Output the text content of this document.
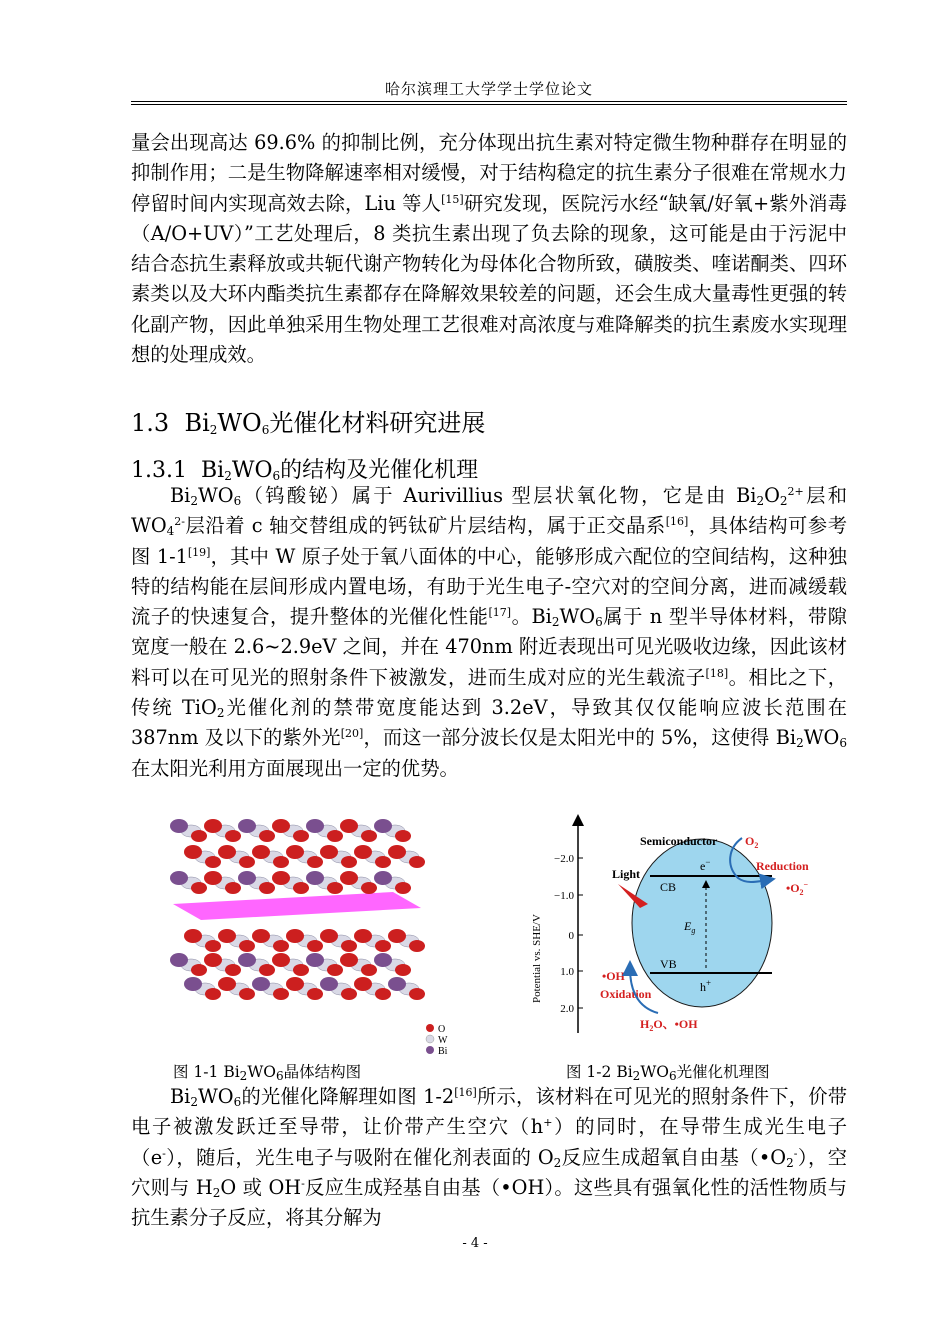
哈尔滨理工大学学士学位论文

量会出现高达 69.6% 的抑制比例，充分体现出抗生素对特定微生物种群存在明显的抑制作用；二是生物降解速率相对缓慢，对于结构稳定的抗生素分子很难在常规水力停留时间内实现高效去除，Liu 等人[15]研究发现，医院污水经“缺氧/好氧+紫外消毒（A/O+UV）”工艺处理后，8 类抗生素出现了负去除的现象，这可能是由于污泥中结合态抗生素释放或共轭代谢产物转化为母体化合物所致，磺胺类、喹诺酮类、四环素类以及大环内酯类抗生素都存在降解效果较差的问题，还会生成大量毒性更强的转化副产物，因此单独采用生物处理工艺很难对高浓度与难降解类的抗生素废水实现理想的处理成效。

1.3 $Bi_2WO_6$光催化材料研究进展
1.3.1 $Bi_2WO_6$的结构及光催化机理

$Bi_2WO_6$（钨酸铋）属于 Aurivillius 型层状氧化物，它是由 $Bi_2O_2^{2+}$层和 $WO_4^{2-}$层沿着 c 轴交替组成的钙钛矿片层结构，属于正交晶系[16]，具体结构可参考图 1-1[19]，其中 W 原子处于氧八面体的中心，能够形成六配位的空间结构，这种独特的结构能在层间形成内置电场，有助于光生电子-空穴对的空间分离，进而减缓载流子的快速复合，提升整体的光催化性能[17]。$Bi_2WO_6$属于 n 型半导体材料，带隙宽度一般在 2.6~2.9eV 之间，并在 470nm 附近表现出可见光吸收边缘，因此该材料可以在可见光的照射条件下被激发，进而生成对应的光生载流子[18]。相比之下，传统 TiO$_2$光催化剂的禁带宽度能达到 3.2eV，导致其仅仅能响应波长范围在 387nm 及以下的紫外光[20]，而这一部分波长仅是太阳光中的 5%，这使得 $Bi_2WO_6$在太阳光利用方面展现出一定的优势。

O
W
Bi
−2.0
−1.0
0
1.0
2.0
Potential vs. SHE/V
Semiconductor
CB
VB
e−
h+
$E_g$
Light
$O_2$
Reduction
$•O_2^-$
•OH
Oxidation
$H_2O$、•OH
图 1-1 $Bi_2WO_6$晶体结构图	图 1-2 $Bi_2WO_6$光催化机理图

$Bi_2WO_6$的光催化降解理如图 1-2[16]所示，该材料在可见光的照射条件下，价带电子被激发跃迁至导带，让价带产生空穴（h+）的同时，在导带生成光生电子（e-），随后，光生电子与吸附在催化剂表面的 $O_2$反应生成超氧自由基$(•O_2^-)$，空穴则与 $H_2O$ 或 OH-反应生成羟基自由基（•OH）。这些具有强氧化性的活性物质与抗生素分子反应，将其分解为

- 4 -
